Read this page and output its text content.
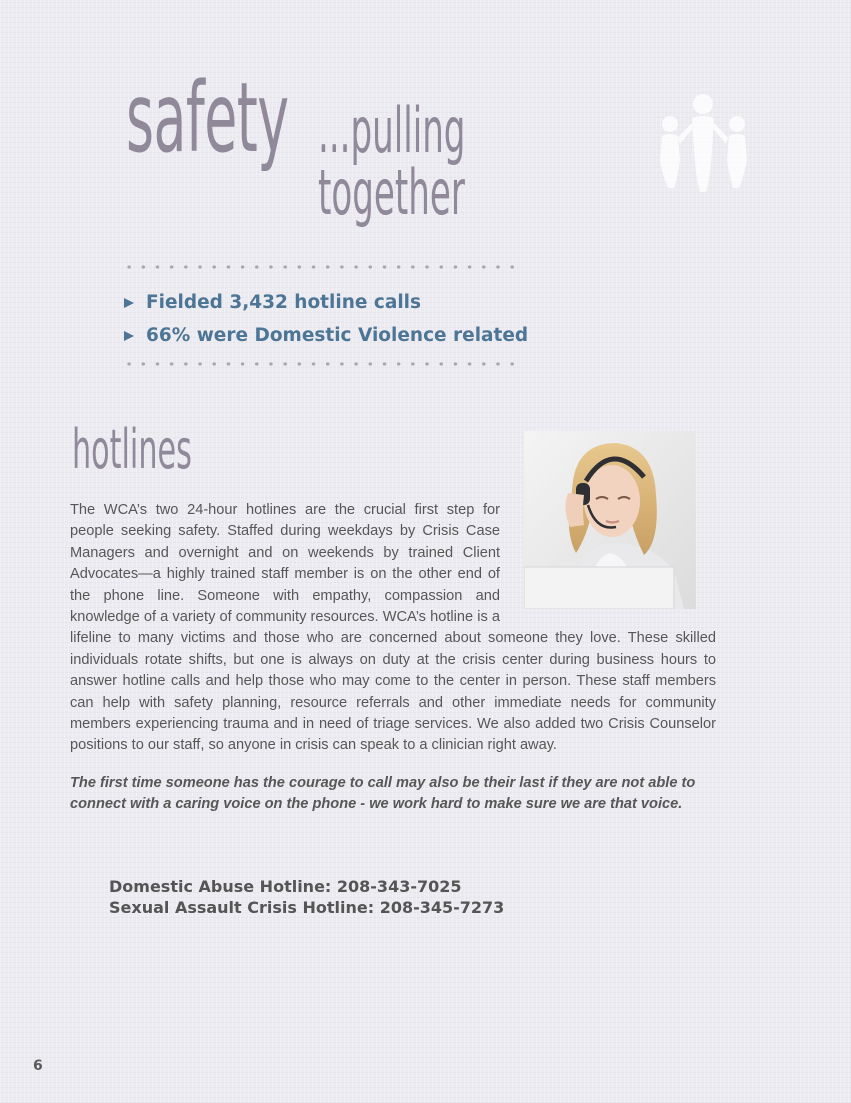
safety ...pulling together
Fielded 3,432 hotline calls
66% were Domestic Violence related
hotlines
The WCA’s two 24-hour hotlines are the crucial first step for people seeking safety. Staffed during weekdays by Crisis Case Managers and overnight and on weekends by trained Client Advocates—a highly trained staff member is on the other end of the phone line. Someone with empathy, compassion and knowledge of a variety of community resources. WCA’s hotline is a lifeline to many victims and those who are concerned about someone they love. These skilled individuals rotate shifts, but one is always on duty at the crisis center during business hours to answer hotline calls and help those who may come to the center in person. These staff members can help with safety planning, resource referrals and other immediate needs for community members experiencing trauma and in need of triage services. We also added two Crisis Counselor positions to our staff, so anyone in crisis can speak to a clinician right away.
The first time someone has the courage to call may also be their last if they are not able to connect with a caring voice on the phone - we work hard to make sure we are that voice.
Domestic Abuse Hotline: 208-343-7025
Sexual Assault Crisis Hotline: 208-345-7273
6
